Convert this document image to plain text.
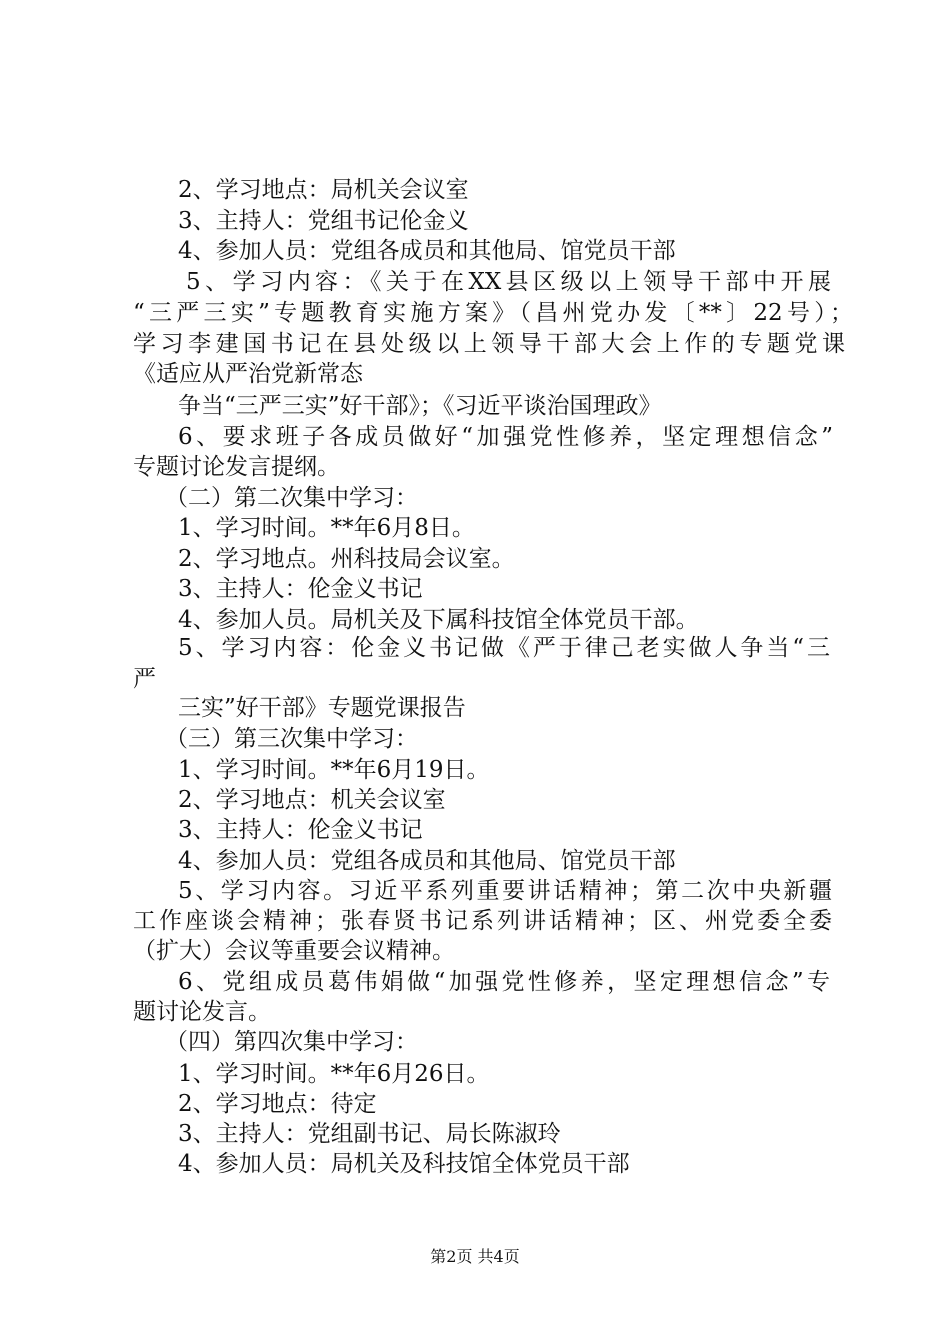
2、学习地点：局机关会议室
3、主持人：党组书记伦金义
4、参加人员：党组各成员和其他局、馆党员干部
5、学习内容：《关于在XX县区级以上领导干部中开展
“三严三实”专题教育实施方案》（昌州党办发〔**〕22号）；
学习李建国书记在县处级以上领导干部大会上作的专题党课
《适应从严治党新常态
争当“三严三实”好干部》；《习近平谈治国理政》
6、要求班子各成员做好“加强党性修养，坚定理想信念”
专题讨论发言提纲。
（二）第二次集中学习：
1、学习时间。**年6月8日。
2、学习地点。州科技局会议室。
3、主持人：伦金义书记
4、参加人员。局机关及下属科技馆全体党员干部。
5、学习内容：伦金义书记做《严于律己老实做人争当“三
严
三实”好干部》专题党课报告
（三）第三次集中学习：
1、学习时间。**年6月19日。
2、学习地点：机关会议室
3、主持人：伦金义书记
4、参加人员：党组各成员和其他局、馆党员干部
5、学习内容。习近平系列重要讲话精神；第二次中央新疆
工作座谈会精神；张春贤书记系列讲话精神；区、州党委全委
（扩大）会议等重要会议精神。
6、党组成员葛伟娟做“加强党性修养，坚定理想信念”专
题讨论发言。
（四）第四次集中学习：
1、学习时间。**年6月26日。
2、学习地点：待定
3、主持人：党组副书记、局长陈淑玲
4、参加人员：局机关及科技馆全体党员干部
第2页 共4页
